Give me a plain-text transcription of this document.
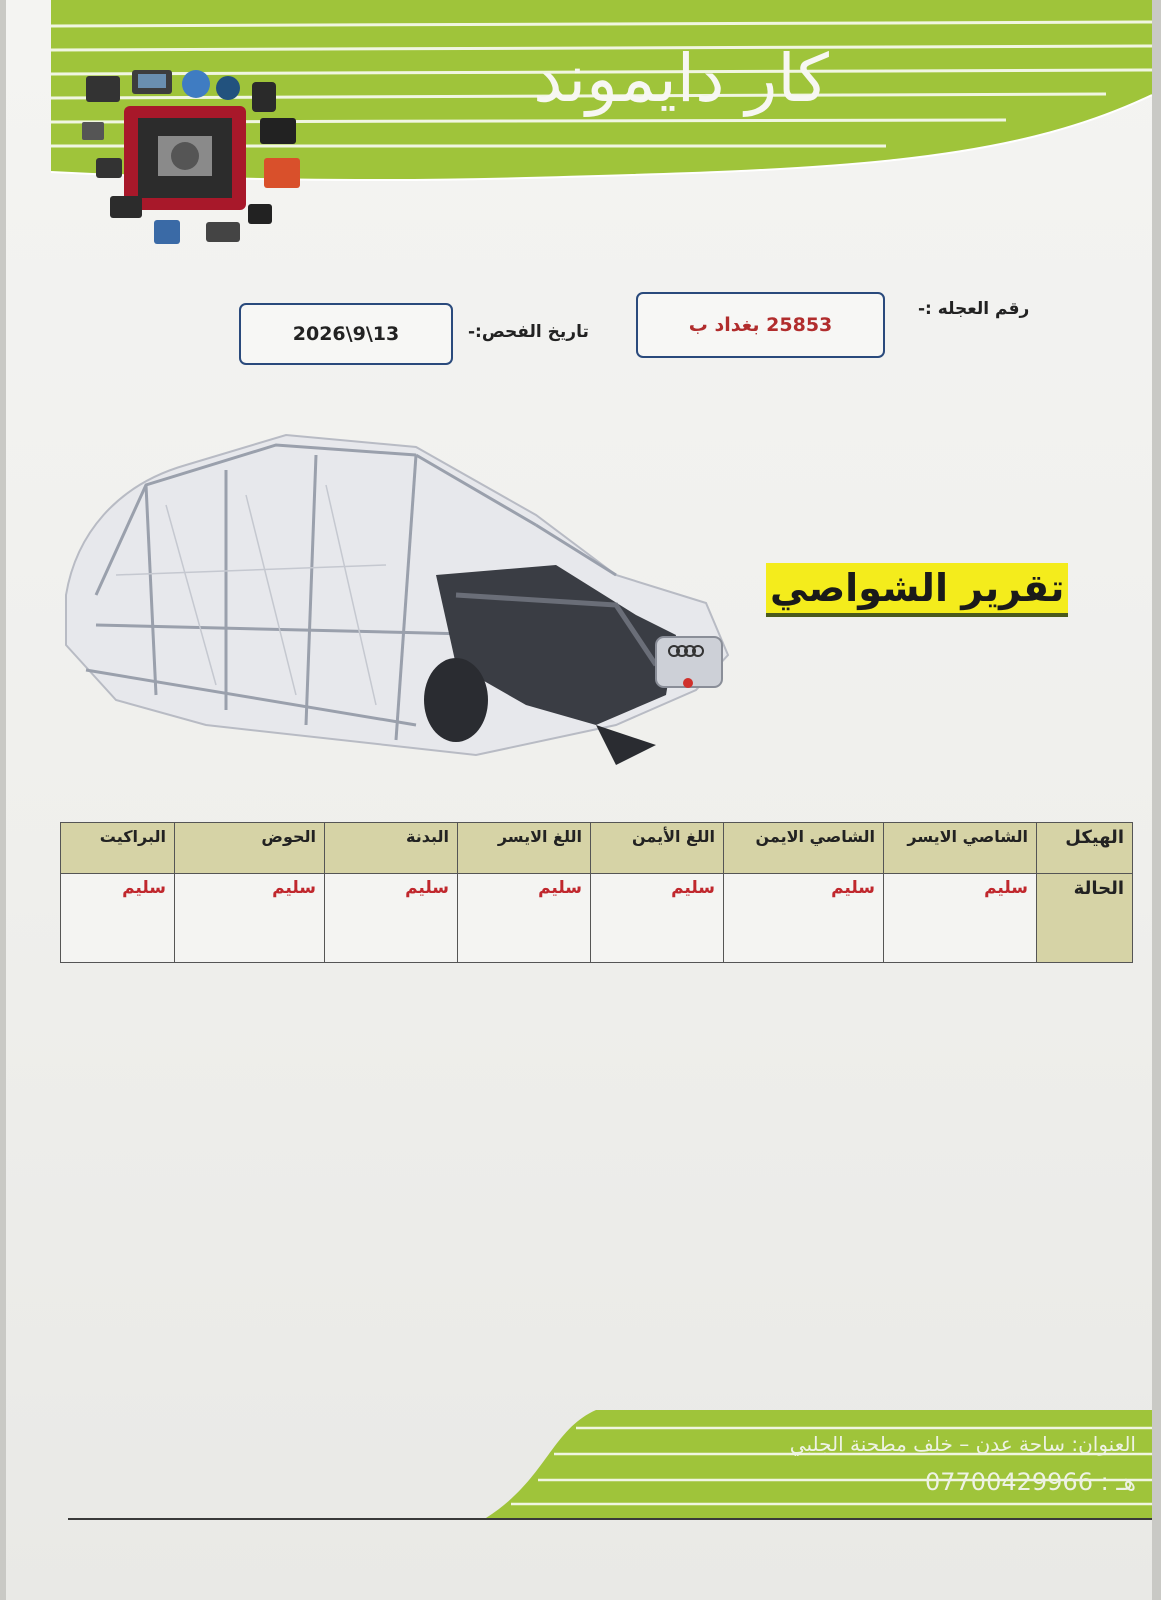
كار دايموند
رقم العجله :-
25853 بغداد ب
تاريخ الفحص:-
13\9\2026
تقرير الشواصي
الهيكل	الشاصي الايسر	الشاصي الايمن	اللغ الأيمن	اللغ الايسر	البدنة	الحوض	البراكيت
الحالة	سليم	سليم	سليم	سليم	سليم	سليم	سليم
العنوان: ساحة عدن – خلف مطحنة الجلبي
هـ : 07700429966
